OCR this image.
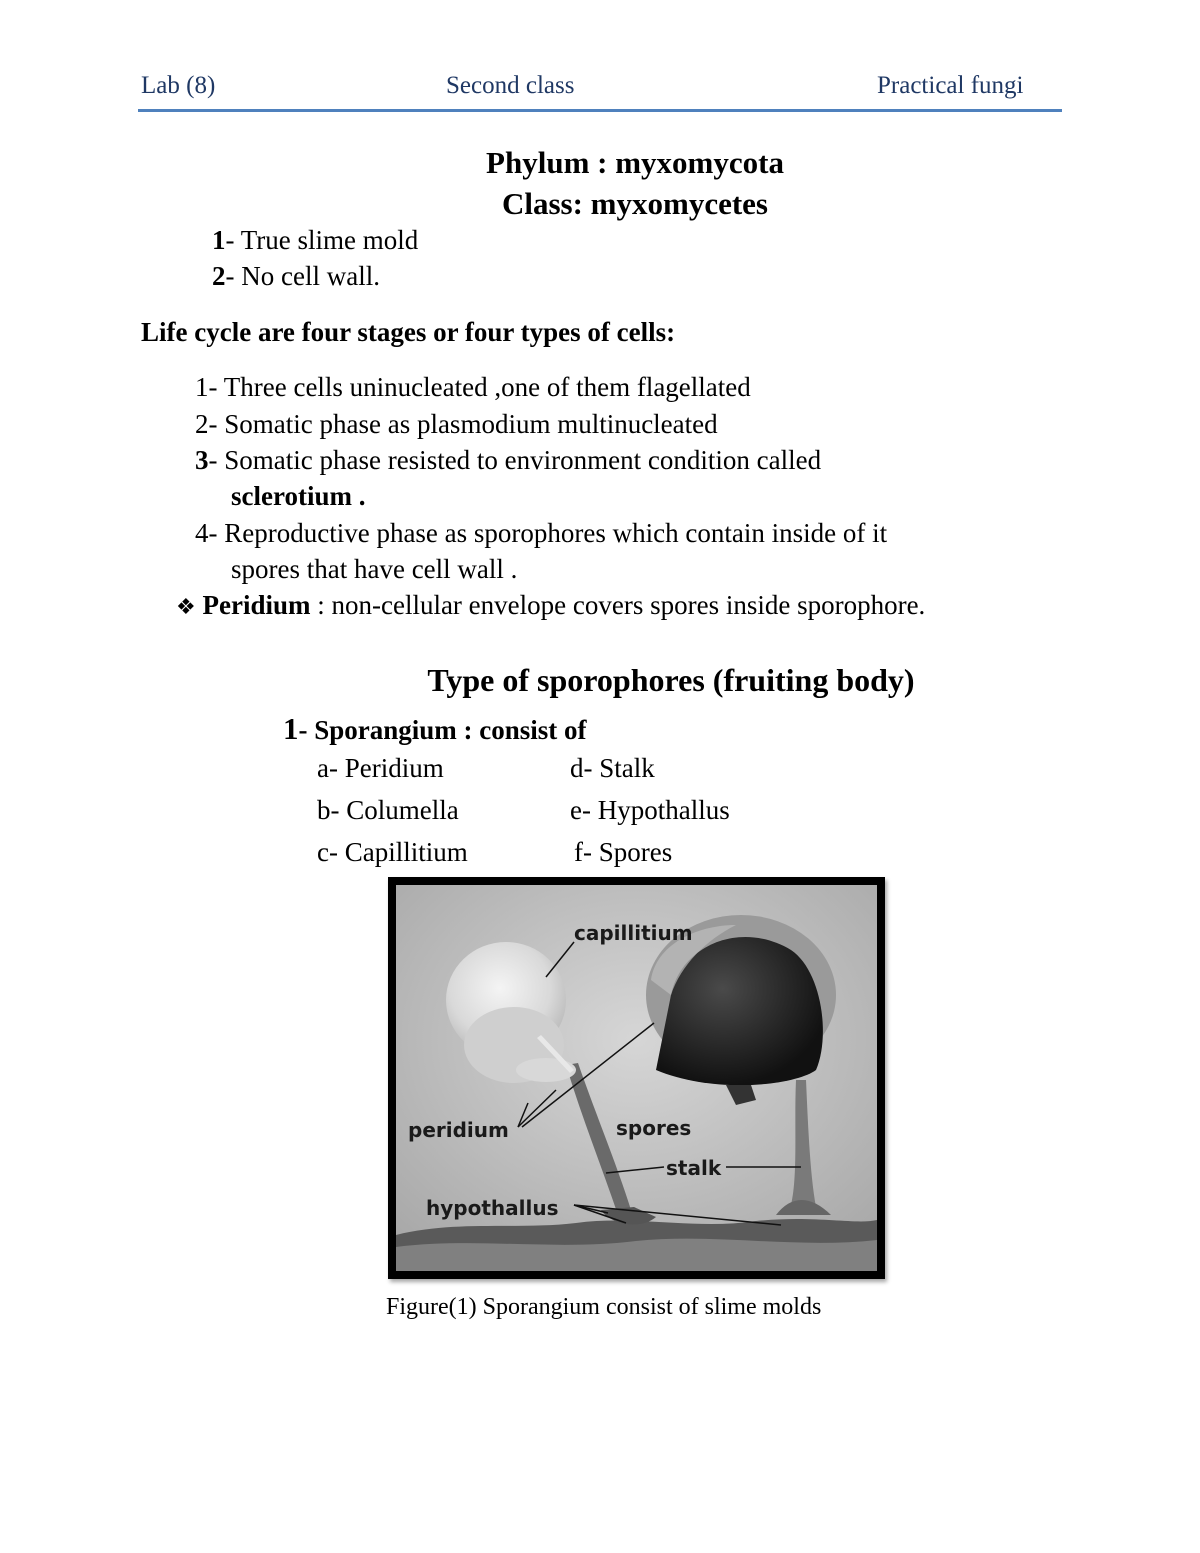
Lab (8)	Second class	Practical fungi
Phylum : myxomycota
Class: myxomycetes
1- True slime mold
2- No cell wall.
Life cycle are four stages or four types of cells:
1- Three cells uninucleated ,one of them flagellated
2- Somatic phase as plasmodium multinucleated
3- Somatic phase resisted to environment condition called
sclerotium .
4- Reproductive phase as sporophores which contain inside of it
spores that have cell wall .
❖ Peridium : non-cellular envelope covers spores inside sporophore.
Type of sporophores (fruiting body)
1- Sporangium : consist of
a- Peridium
b- Columella
c- Capillitium
d- Stalk
e- Hypothallus
f- Spores
capillitium
peridium	spores
stalk
hypothallus
Figure(1) Sporangium consist of slime molds
